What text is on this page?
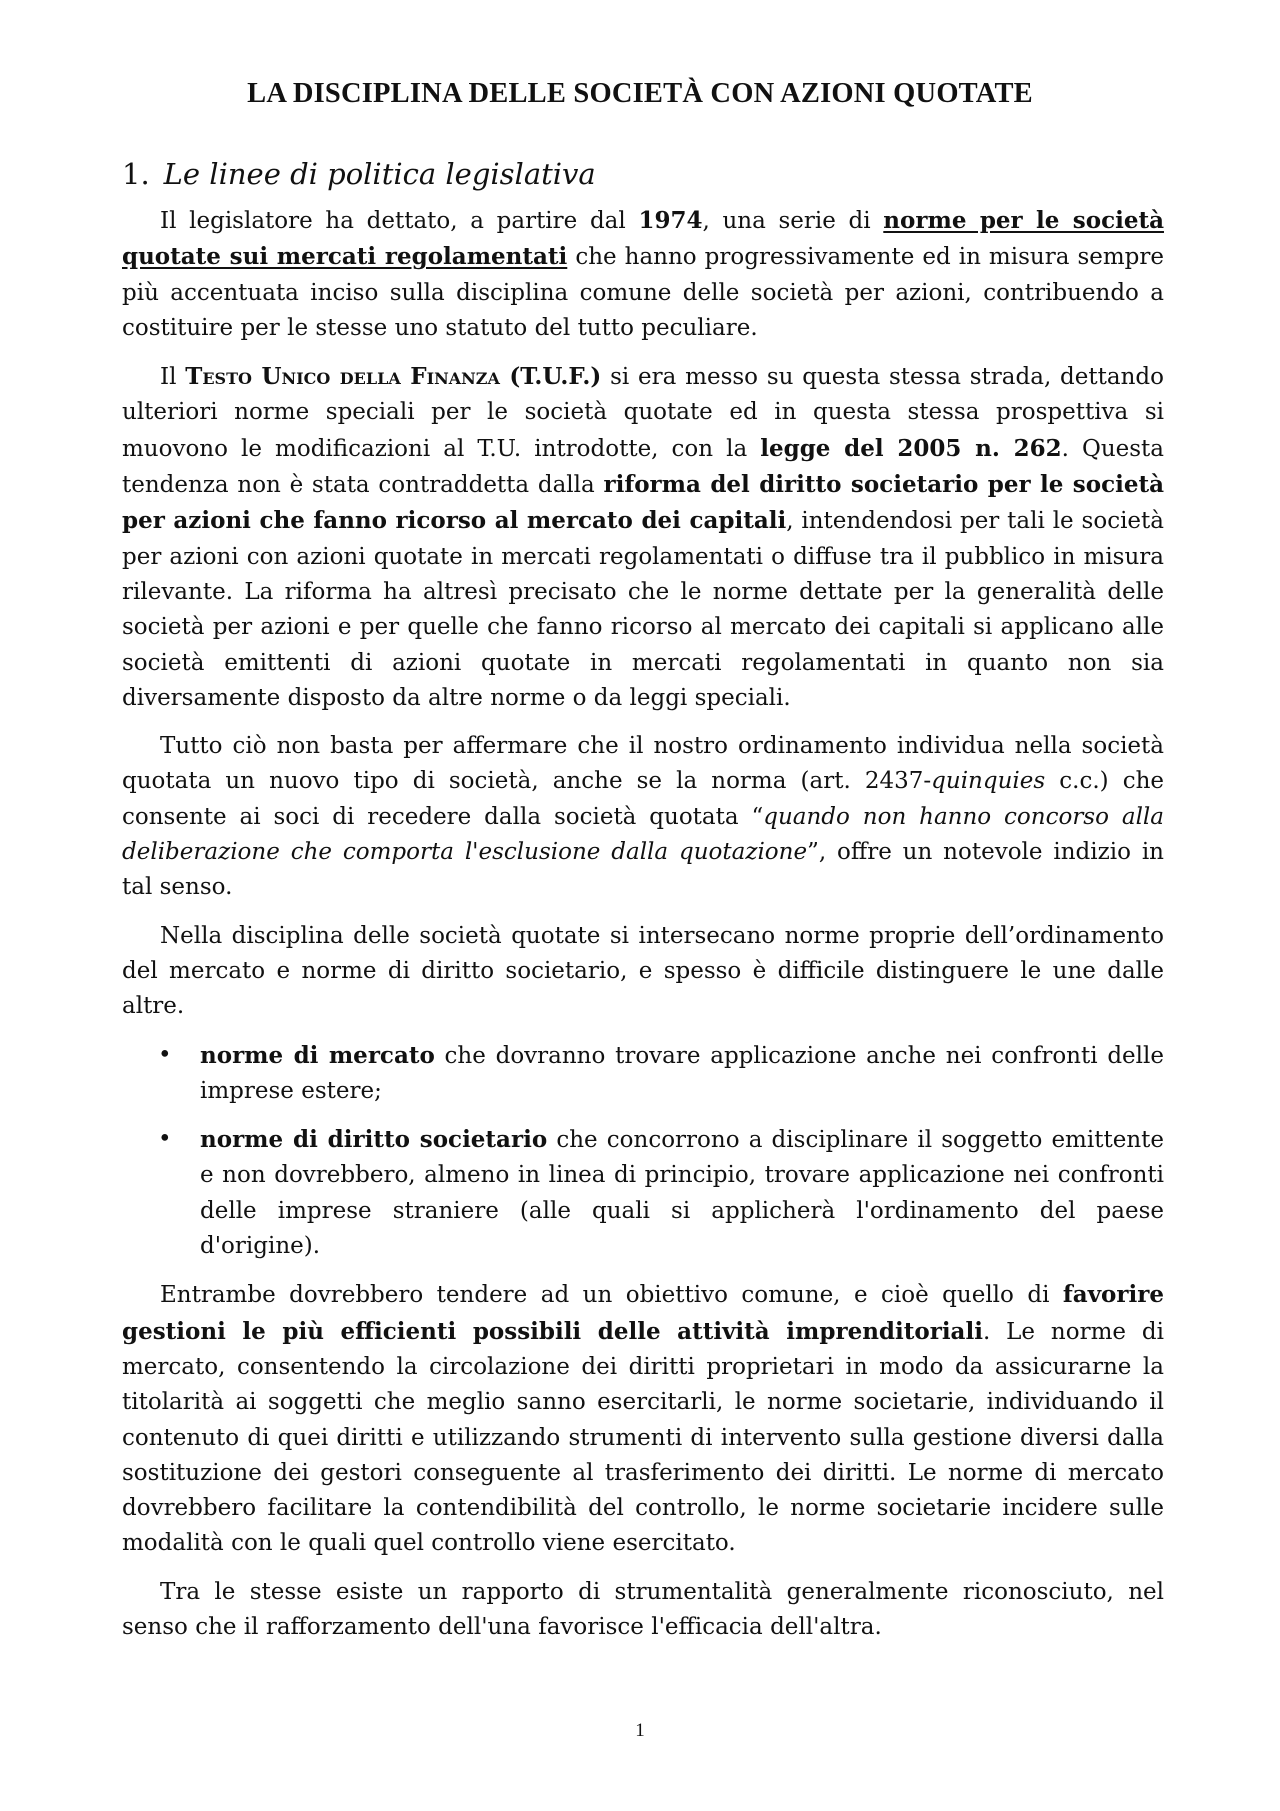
LA DISCIPLINA DELLE SOCIETÀ CON AZIONI QUOTATE
1. Le linee di politica legislativa

Il legislatore ha dettato, a partire dal 1974, una serie di norme per le società quotate sui mercati regolamentati che hanno progressivamente ed in misura sempre più accentuata inciso sulla disciplina comune delle società per azioni, contribuendo a costituire per le stesse uno statuto del tutto peculiare.

Il Testo Unico della Finanza (T.U.F.) si era messo su questa stessa strada, dettando ulteriori norme speciali per le società quotate ed in questa stessa prospettiva si muovono le modificazioni al T.U. introdotte, con la legge del 2005 n. 262. Questa tendenza non è stata contraddetta dalla riforma del diritto societario per le società per azioni che fanno ricorso al mercato dei capitali, intendendosi per tali le società per azioni con azioni quotate in mercati regolamentati o diffuse tra il pubblico in misura rilevante. La riforma ha altresì precisato che le norme dettate per la generalità delle società per azioni e per quelle che fanno ricorso al mercato dei capitali si applicano alle società emittenti di azioni quotate in mercati regolamentati in quanto non sia diversamente disposto da altre norme o da leggi speciali.

Tutto ciò non basta per affermare che il nostro ordinamento individua nella società quotata un nuovo tipo di società, anche se la norma (art. 2437-quinquies c.c.) che consente ai soci di recedere dalla società quotata “quando non hanno concorso alla deliberazione che comporta l'esclusione dalla quotazione”, offre un notevole indizio in tal senso.

Nella disciplina delle società quotate si intersecano norme proprie dell’ordinamento del mercato e norme di diritto societario, e spesso è difficile distinguere le une dalle altre.

• norme di mercato che dovranno trovare applicazione anche nei confronti delle imprese estere;
• norme di diritto societario che concorrono a disciplinare il soggetto emittente e non dovrebbero, almeno in linea di principio, trovare applicazione nei confronti delle imprese straniere (alle quali si applicherà l'ordinamento del paese d'origine).

Entrambe dovrebbero tendere ad un obiettivo comune, e cioè quello di favorire gestioni le più efficienti possibili delle attività imprenditoriali. Le norme di mercato, consentendo la circolazione dei diritti proprietari in modo da assicurarne la titolarità ai soggetti che meglio sanno esercitarli, le norme societarie, individuando il contenuto di quei diritti e utilizzando strumenti di intervento sulla gestione diversi dalla sostituzione dei gestori conseguente al trasferimento dei diritti. Le norme di mercato dovrebbero facilitare la contendibilità del controllo, le norme societarie incidere sulle modalità con le quali quel controllo viene esercitato.

Tra le stesse esiste un rapporto di strumentalità generalmente riconosciuto, nel senso che il rafforzamento dell'una favorisce l'efficacia dell'altra.

1
